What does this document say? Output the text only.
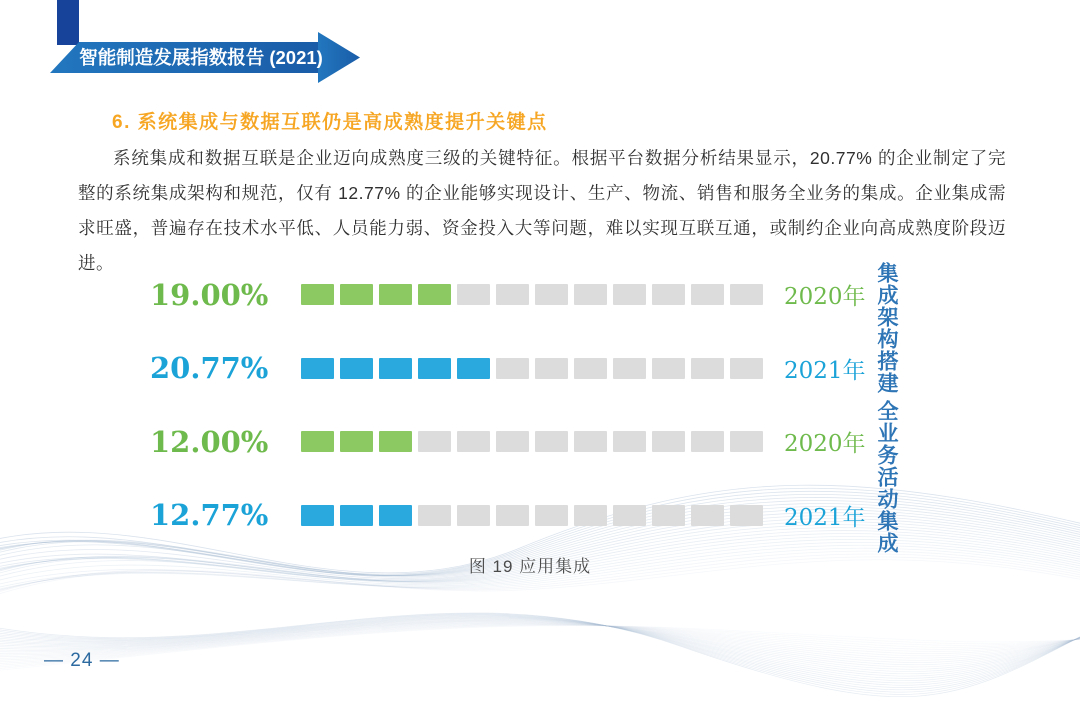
智能制造发展指数报告 (2021)
6. 系统集成与数据互联仍是高成熟度提升关键点
系统集成和数据互联是企业迈向成熟度三级的关键特征。根据平台数据分析结果显示，20.77% 的企业制定了完整的系统集成架构和规范，仅有 12.77% 的企业能够实现设计、生产、物流、销售和服务全业务的集成。企业集成需求旺盛，普遍存在技术水平低、人员能力弱、资金投入大等问题，难以实现互联互通，或制约企业向高成熟度阶段迈进。
19.00%	2020年
20.77%	2021年
12.00%	2020年
12.77%	2021年
集成架构搭建
全业务活动集成
图 19 应用集成
— 24 —
